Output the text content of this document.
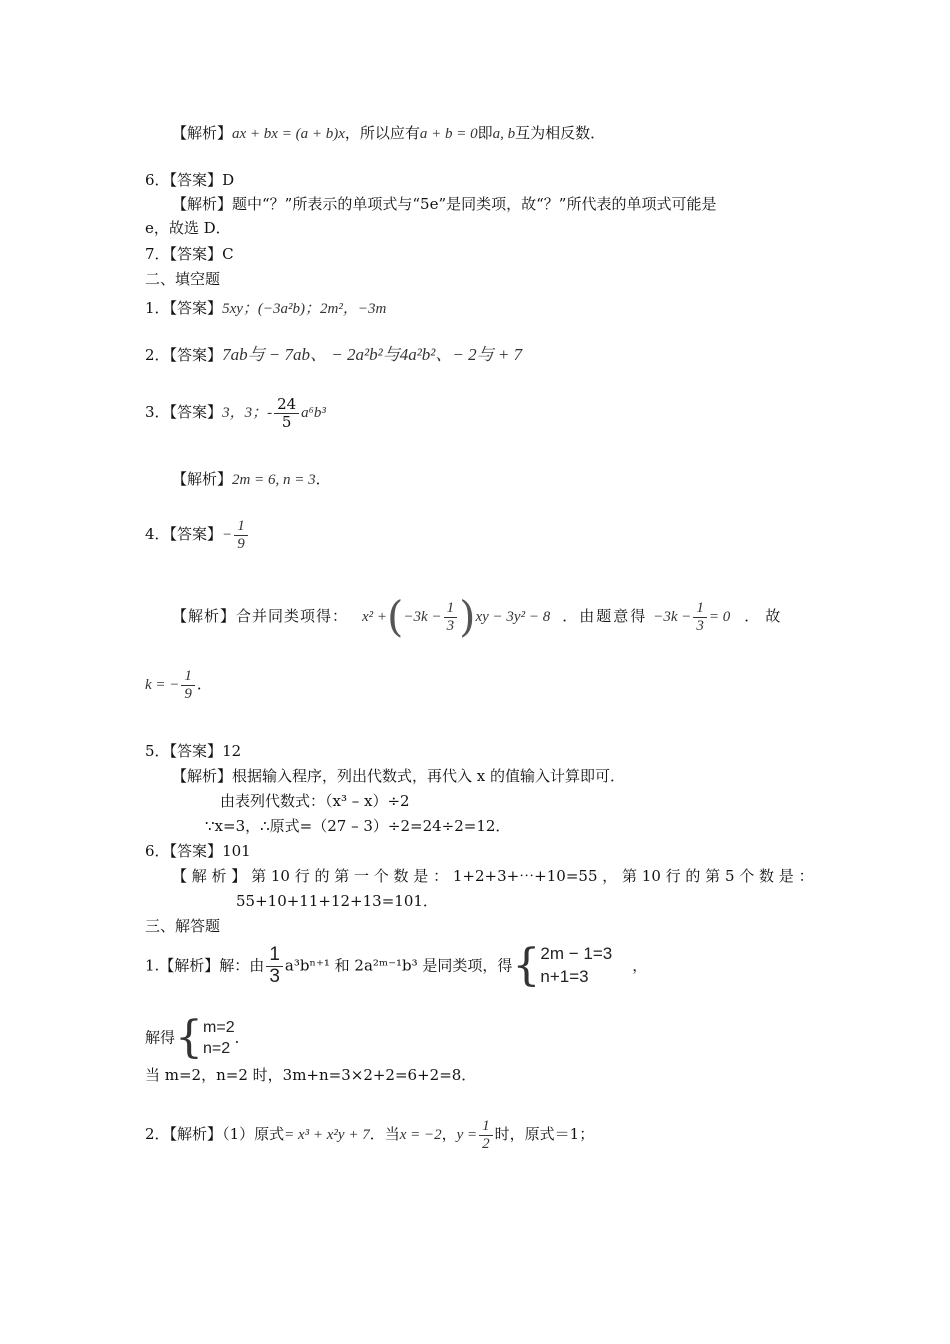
【解析】ax + bx = (a + b)x，所以应有a + b = 0即a, b互为相反数．
6．【答案】D
【解析】题中“？”所表示的单项式与“5e”是同类项，故“？”所代表的单项式可能是
e，故选 D．
7．【答案】C
二、填空题
1．【答案】5xy；(−3a²b)；2m²，−3m
2．【答案】7ab与 − 7ab、 − 2a²b²与4a²b²、− 2与 + 7
3．【答案】3，3；- $\frac{24}{5} a^6b^3$
【解析】2m = 6, n = 3．
4．【答案】− $\frac{1}{9}$
【解析】合并同类项得： $x^2 +(-3k - \frac{1}{3} )xy - 3y^2 - 8$ ．由题意得 $-3k - \frac{1}{3} = 0$ ．故
k = − $\frac{1}{9}$ ．
5．【答案】12
【解析】根据输入程序，列出代数式，再代入 x 的值输入计算即可．
由表列代数式：（x³ – x）÷2
∵x=3，∴原式=（27 – 3）÷2=24÷2=12．
6．【答案】101
【 解 析 】 第 10 行 的 第 一 个 数 是 ： 1+2+3+⋯+10=55 ， 第 10 行 的 第 5 个 数 是 ：
55+10+11+12+13=101．
三、解答题
1.【解析】解：由 $\frac{1}{3} a^3b^{n+1}$ 和 2a²ᵐ⁻¹b³ 是同类项，得{ 2m − 1=3
n+1=3
，
解得{ m=2
n=2
．
当 m=2，n=2 时，3m+n=3×2+2=6+2=8．
2．【解析】（1）原式= x³ + x²y + 7．当x = −2，$y = \frac{1}{2}$ 时，原式＝1；
